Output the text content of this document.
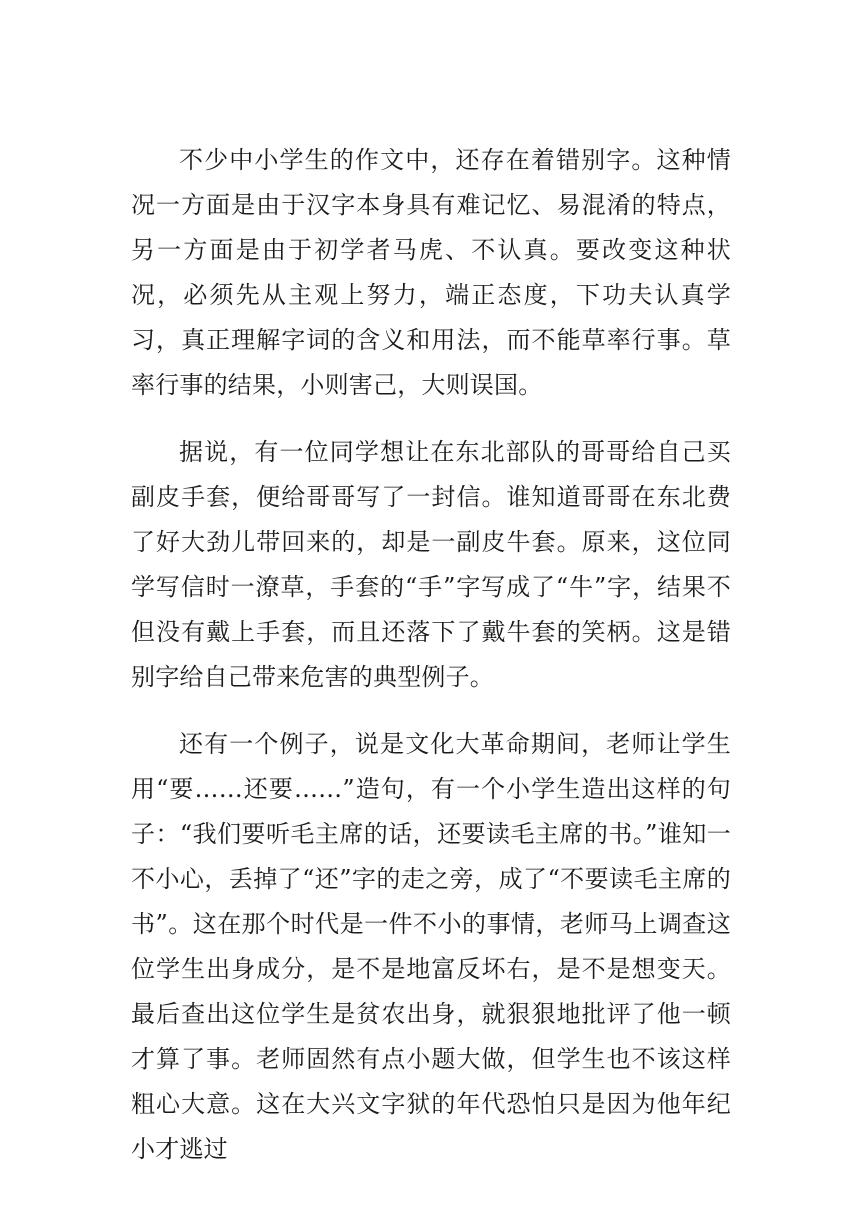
不少中小学生的作文中，还存在着错别字。这种情况一方面是由于汉字本身具有难记忆、易混淆的特点，另一方面是由于初学者马虎、不认真。要改变这种状况，必须先从主观上努力，端正态度，下功夫认真学习，真正理解字词的含义和用法，而不能草率行事。草率行事的结果，小则害己，大则误国。

据说，有一位同学想让在东北部队的哥哥给自己买副皮手套，便给哥哥写了一封信。谁知道哥哥在东北费了好大劲儿带回来的，却是一副皮牛套。原来，这位同学写信时一潦草，手套的“手”字写成了“牛”字，结果不但没有戴上手套，而且还落下了戴牛套的笑柄。这是错别字给自己带来危害的典型例子。

还有一个例子，说是文化大革命期间，老师让学生用“要……还要……”造句，有一个小学生造出这样的句子：“我们要听毛主席的话，还要读毛主席的书。”谁知一不小心，丢掉了“还”字的走之旁，成了“不要读毛主席的书”。这在那个时代是一件不小的事情，老师马上调查这位学生出身成分，是不是地富反坏右，是不是想变天。最后查出这位学生是贫农出身，就狠狠地批评了他一顿才算了事。老师固然有点小题大做，但学生也不该这样粗心大意。这在大兴文字狱的年代恐怕只是因为他年纪小才逃过
